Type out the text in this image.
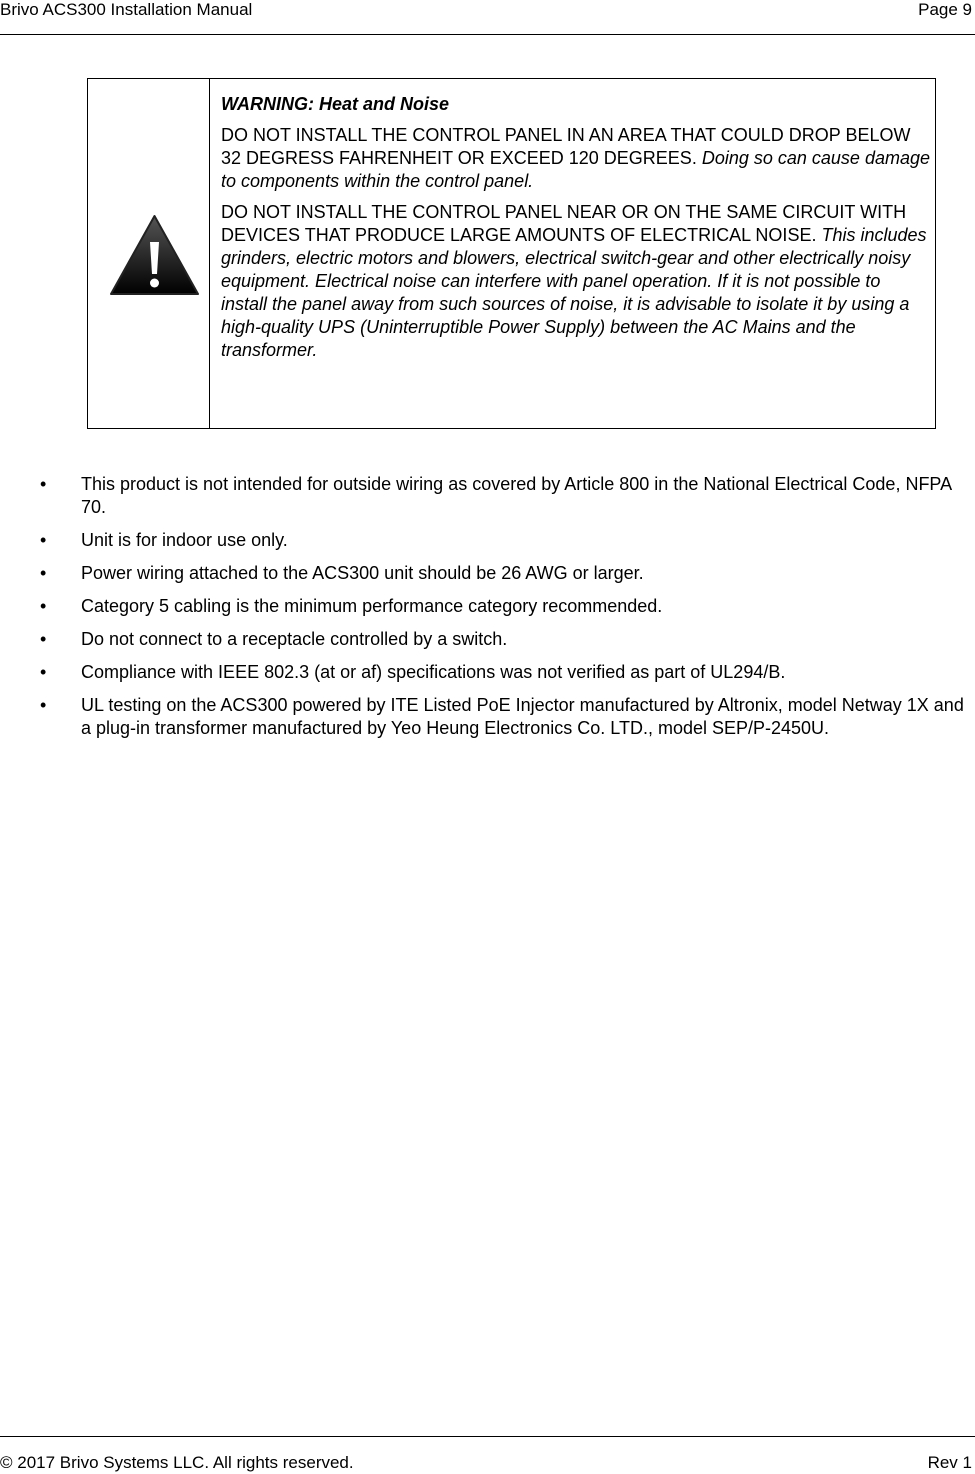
Brivo ACS300 Installation Manual	Page 9

WARNING: Heat and Noise

DO NOT INSTALL THE CONTROL PANEL IN AN AREA THAT COULD DROP BELOW 32 DEGRESS FAHRENHEIT OR EXCEED 120 DEGREES. Doing so can cause damage to components within the control panel.

DO NOT INSTALL THE CONTROL PANEL NEAR OR ON THE SAME CIRCUIT WITH DEVICES THAT PRODUCE LARGE AMOUNTS OF ELECTRICAL NOISE. This includes grinders, electric motors and blowers, electrical switch-gear and other electrically noisy equipment. Electrical noise can interfere with panel operation. If it is not possible to install the panel away from such sources of noise, it is advisable to isolate it by using a high-quality UPS (Uninterruptible Power Supply) between the AC Mains and the transformer.

• This product is not intended for outside wiring as covered by Article 800 in the National Electrical Code, NFPA 70.
• Unit is for indoor use only.
• Power wiring attached to the ACS300 unit should be 26 AWG or larger.
• Category 5 cabling is the minimum performance category recommended.
• Do not connect to a receptacle controlled by a switch.
• Compliance with IEEE 802.3 (at or af) specifications was not verified as part of UL294/B.
• UL testing on the ACS300 powered by ITE Listed PoE Injector manufactured by Altronix, model Netway 1X and a plug-in transformer manufactured by Yeo Heung Electronics Co. LTD., model SEP/P-2450U.
© 2017 Brivo Systems LLC. All rights reserved.	Rev 1
